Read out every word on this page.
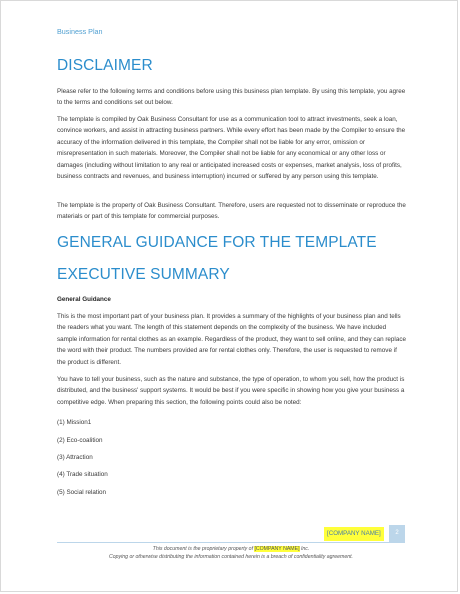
Business Plan
DISCLAIMER

Please refer to the following terms and conditions before using this business plan template. By using this template, you agree to the terms and conditions set out below.

The template is compiled by Oak Business Consultant for use as a communication tool to attract investments, seek a loan, convince workers, and assist in attracting business partners. While every effort has been made by the Compiler to ensure the accuracy of the information delivered in this template, the Compiler shall not be liable for any error, omission or misrepresentation in such materials. Moreover, the Compiler shall not be liable for any economical or any other loss or damages (including without limitation to any real or anticipated increased costs or expenses, market analysis, loss of profits, business contracts and revenues, and business interruption) incurred or suffered by any person using this template.

The template is the property of Oak Business Consultant. Therefore, users are requested not to disseminate or reproduce the materials or part of this template for commercial purposes.

GENERAL GUIDANCE FOR THE TEMPLATE
EXECUTIVE SUMMARY

General Guidance

This is the most important part of your business plan. It provides a summary of the highlights of your business plan and tells the readers what you want. The length of this statement depends on the complexity of the business. We have included sample information for rental clothes as an example. Regardless of the product, they want to sell online, and they can replace the word with their product. The numbers provided are for rental clothes only. Therefore, the user is requested to remove if the product is different.

You have to tell your business, such as the nature and substance, the type of operation, to whom you sell, how the product is distributed, and the business' support systems. It would be best if you were specific in showing how you give your business a competitive edge. When preparing this section, the following points could also be noted:

(1) Mission1

(2) Eco-coalition

(3) Attraction

(4) Trade situation

(5) Social relation

[COMPANY NAME]	2
This document is the proprietary property of [COMPANY NAME] Inc.
Copying or otherwise distributing the information contained herein is a breach of confidentiality agreement.
